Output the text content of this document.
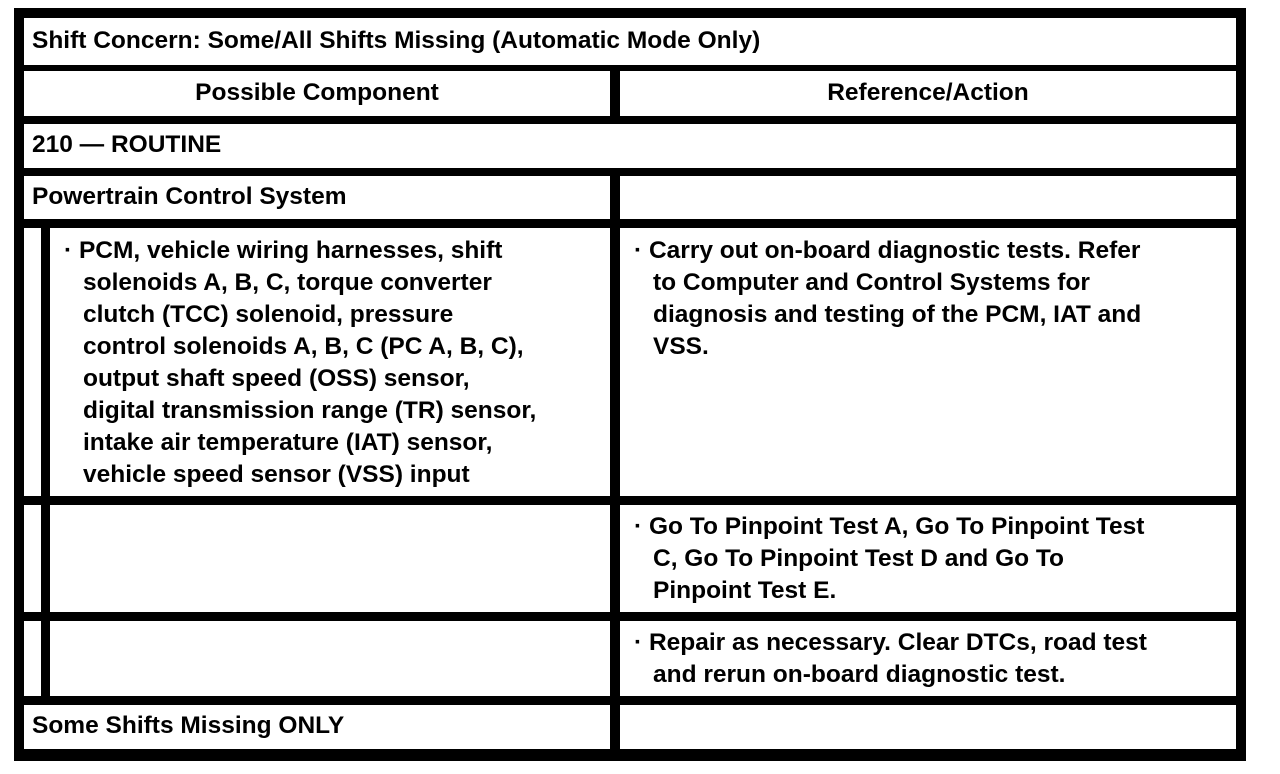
Shift Concern: Some/All Shifts Missing (Automatic Mode Only)
Possible Component	Reference/Action
210 — ROUTINE
Powertrain Control System
· PCM, vehicle wiring harnesses, shift
solenoids A, B, C, torque converter
clutch (TCC) solenoid, pressure
control solenoids A, B, C (PC A, B, C),
output shaft speed (OSS) sensor,
digital transmission range (TR) sensor,
intake air temperature (IAT) sensor,
vehicle speed sensor (VSS) input
· Carry out on-board diagnostic tests. Refer
to Computer and Control Systems for
diagnosis and testing of the PCM, IAT and
VSS.
· Go To Pinpoint Test A, Go To Pinpoint Test
C, Go To Pinpoint Test D and Go To
Pinpoint Test E.
· Repair as necessary. Clear DTCs, road test
and rerun on-board diagnostic test.
Some Shifts Missing ONLY
